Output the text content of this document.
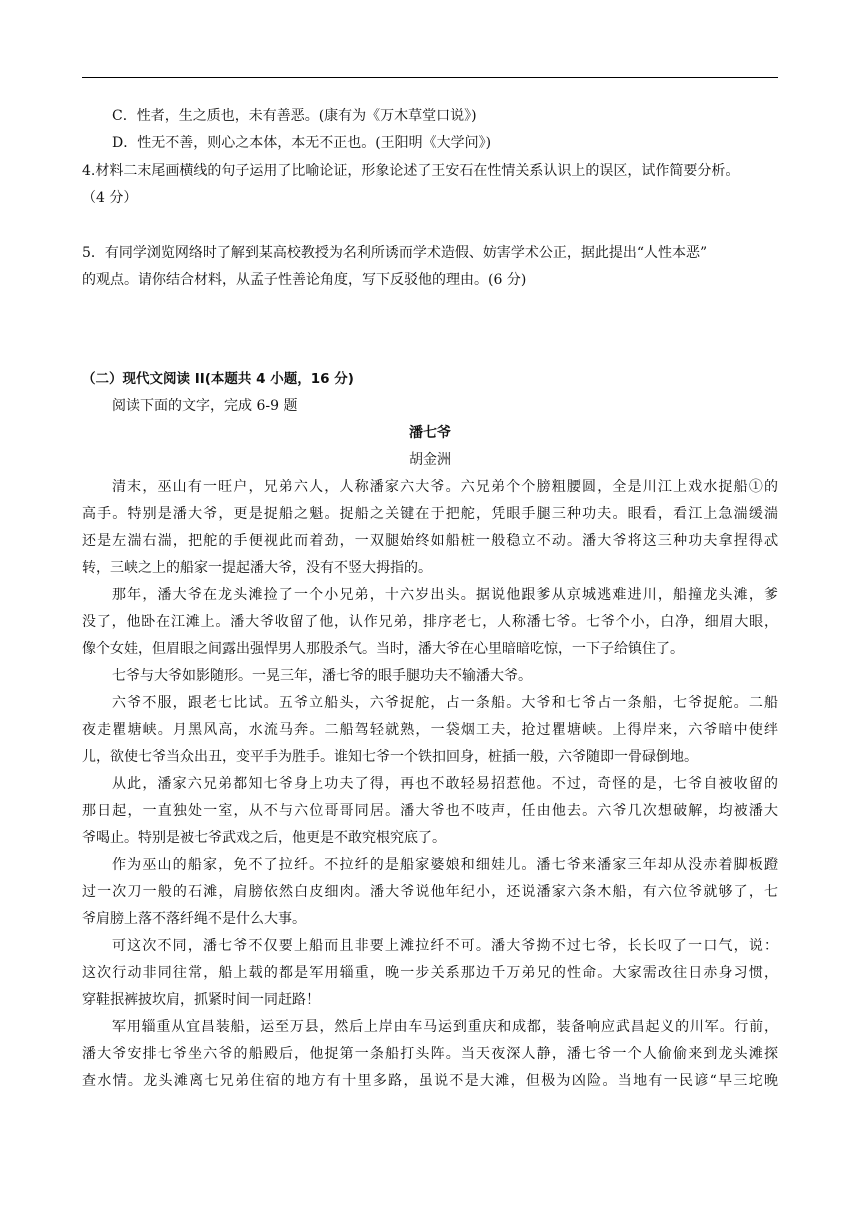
C．性者，生之质也，未有善恶。(康有为《万木草堂口说》)
D．性无不善，则心之本体，本无不正也。(王阳明《大学问》)
4.材料二末尾画横线的句子运用了比喻论证，形象论述了王安石在性情关系认识上的误区，试作简要分析。
（4 分）
5．有同学浏览网络时了解到某高校教授为名利所诱而学术造假、妨害学术公正，据此提出“人性本恶”
的观点。请你结合材料，从孟子性善论角度，写下反驳他的理由。(6 分)
（二）现代文阅读 II(本题共 4 小题，16 分)
阅读下面的文字，完成 6-9 题
潘七爷
胡金洲
清末，巫山有一旺户，兄弟六人，人称潘家六大爷。六兄弟个个膀粗腰圆，全是川江上戏水捉船①的
高手。特别是潘大爷，更是捉船之魁。捉船之关键在于把舵，凭眼手腿三种功夫。眼看，看江上急湍缓湍
还是左湍右湍，把舵的手便视此而着劲，一双腿始终如船桩一般稳立不动。潘大爷将这三种功夫拿捏得忒
转，三峡之上的船家一提起潘大爷，没有不竖大拇指的。
那年，潘大爷在龙头滩捡了一个小兄弟，十六岁出头。据说他跟爹从京城逃难进川，船撞龙头滩，爹
没了，他卧在江滩上。潘大爷收留了他，认作兄弟，排序老七，人称潘七爷。七爷个小，白净，细眉大眼，
像个女娃，但眉眼之间露出强悍男人那股杀气。当时，潘大爷在心里暗暗吃惊，一下子给镇住了。
七爷与大爷如影随形。一晃三年，潘七爷的眼手腿功夫不输潘大爷。
六爷不服，跟老七比试。五爷立船头，六爷捉舵，占一条船。大爷和七爷占一条船，七爷捉舵。二船
夜走瞿塘峡。月黑风高，水流马奔。二船驾轻就熟，一袋烟工夫，抢过瞿塘峡。上得岸来，六爷暗中使绊
儿，欲使七爷当众出丑，变平手为胜手。谁知七爷一个铁扣回身，桩插一般，六爷随即一骨碌倒地。
从此，潘家六兄弟都知七爷身上功夫了得，再也不敢轻易招惹他。不过，奇怪的是，七爷自被收留的
那日起，一直独处一室，从不与六位哥哥同居。潘大爷也不吱声，任由他去。六爷几次想破解，均被潘大
爷喝止。特别是被七爷武戏之后，他更是不敢究根究底了。
作为巫山的船家，免不了拉纤。不拉纤的是船家婆娘和细娃儿。潘七爷来潘家三年却从没赤着脚板蹬
过一次刀一般的石滩，肩膀依然白皮细肉。潘大爷说他年纪小，还说潘家六条木船，有六位爷就够了，七
爷肩膀上落不落纤绳不是什么大事。
可这次不同，潘七爷不仅要上船而且非要上滩拉纤不可。潘大爷拗不过七爷，长长叹了一口气，说：
这次行动非同往常，船上载的都是军用辎重，晚一步关系那边千万弟兄的性命。大家需改往日赤身习惯，
穿鞋抿裤披坎肩，抓紧时间一同赶路！
军用辎重从宜昌装船，运至万县，然后上岸由车马运到重庆和成都，装备响应武昌起义的川军。行前，
潘大爷安排七爷坐六爷的船殿后，他捉第一条船打头阵。当天夜深人静，潘七爷一个人偷偷来到龙头滩探
查水情。龙头滩离七兄弟住宿的地方有十里多路，虽说不是大滩，但极为凶险。当地有一民谚“早三坨晚
